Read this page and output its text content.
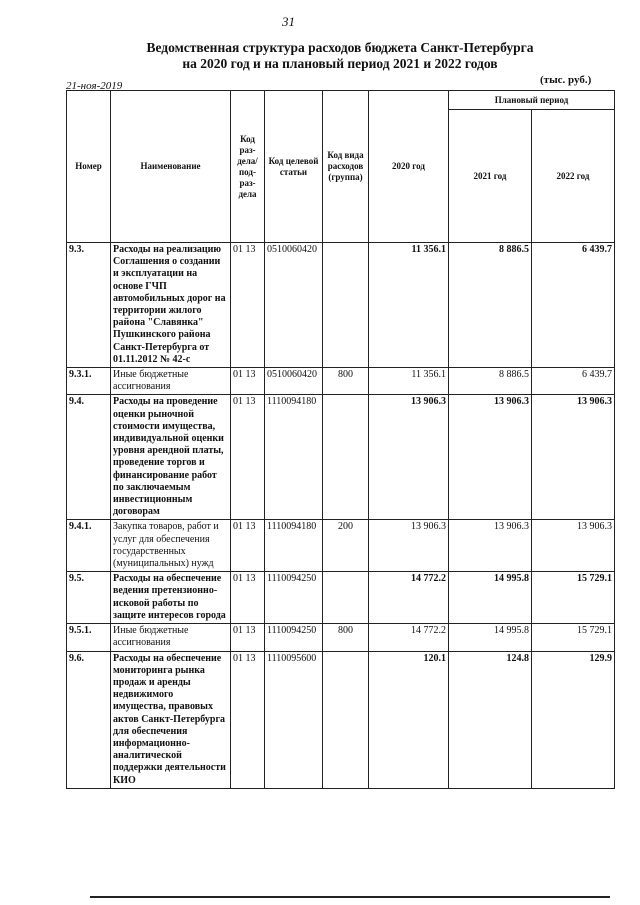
31
Ведомственная структура расходов бюджета Санкт-Петербурга
на 2020 год и на плановый период 2021 и 2022 годов
21-ноя-2019	(тыс. руб.)
Номер	Наименование	Код раз-дела/ под-раз-дела	Код целевой статьи	Код вида расходов (группа)	2020 год	Плановый период	
						2021 год	2022 год
9.3.	Расходы на реализацию Соглашения о создании и эксплуатации на основе ГЧП автомобильных дорог на территории жилого района "Славянка" Пушкинского района Санкт-Петербурга от 01.11.2012 № 42-с	01 13	0510060420		11 356.1	8 886.5	6 439.7
9.3.1.	Иные бюджетные ассигнования	01 13	0510060420	800	11 356.1	8 886.5	6 439.7
9.4.	Расходы на проведение оценки рыночной стоимости имущества, индивидуальной оценки уровня арендной платы, проведение торгов и финансирование работ по заключаемым инвестиционным договорам	01 13	1110094180		13 906.3	13 906.3	13 906.3
9.4.1.	Закупка товаров, работ и услуг для обеспечения государственных (муниципальных) нужд	01 13	1110094180	200	13 906.3	13 906.3	13 906.3
9.5.	Расходы на обеспечение ведения претензионно-исковой работы по защите интересов города	01 13	1110094250		14 772.2	14 995.8	15 729.1
9.5.1.	Иные бюджетные ассигнования	01 13	1110094250	800	14 772.2	14 995.8	15 729.1
9.6.	Расходы на обеспечение мониторинга рынка продаж и аренды недвижимого имущества, правовых актов Санкт-Петербурга для обеспечения информационно-аналитической поддержки деятельности КИО	01 13	1110095600		120.1	124.8	129.9
